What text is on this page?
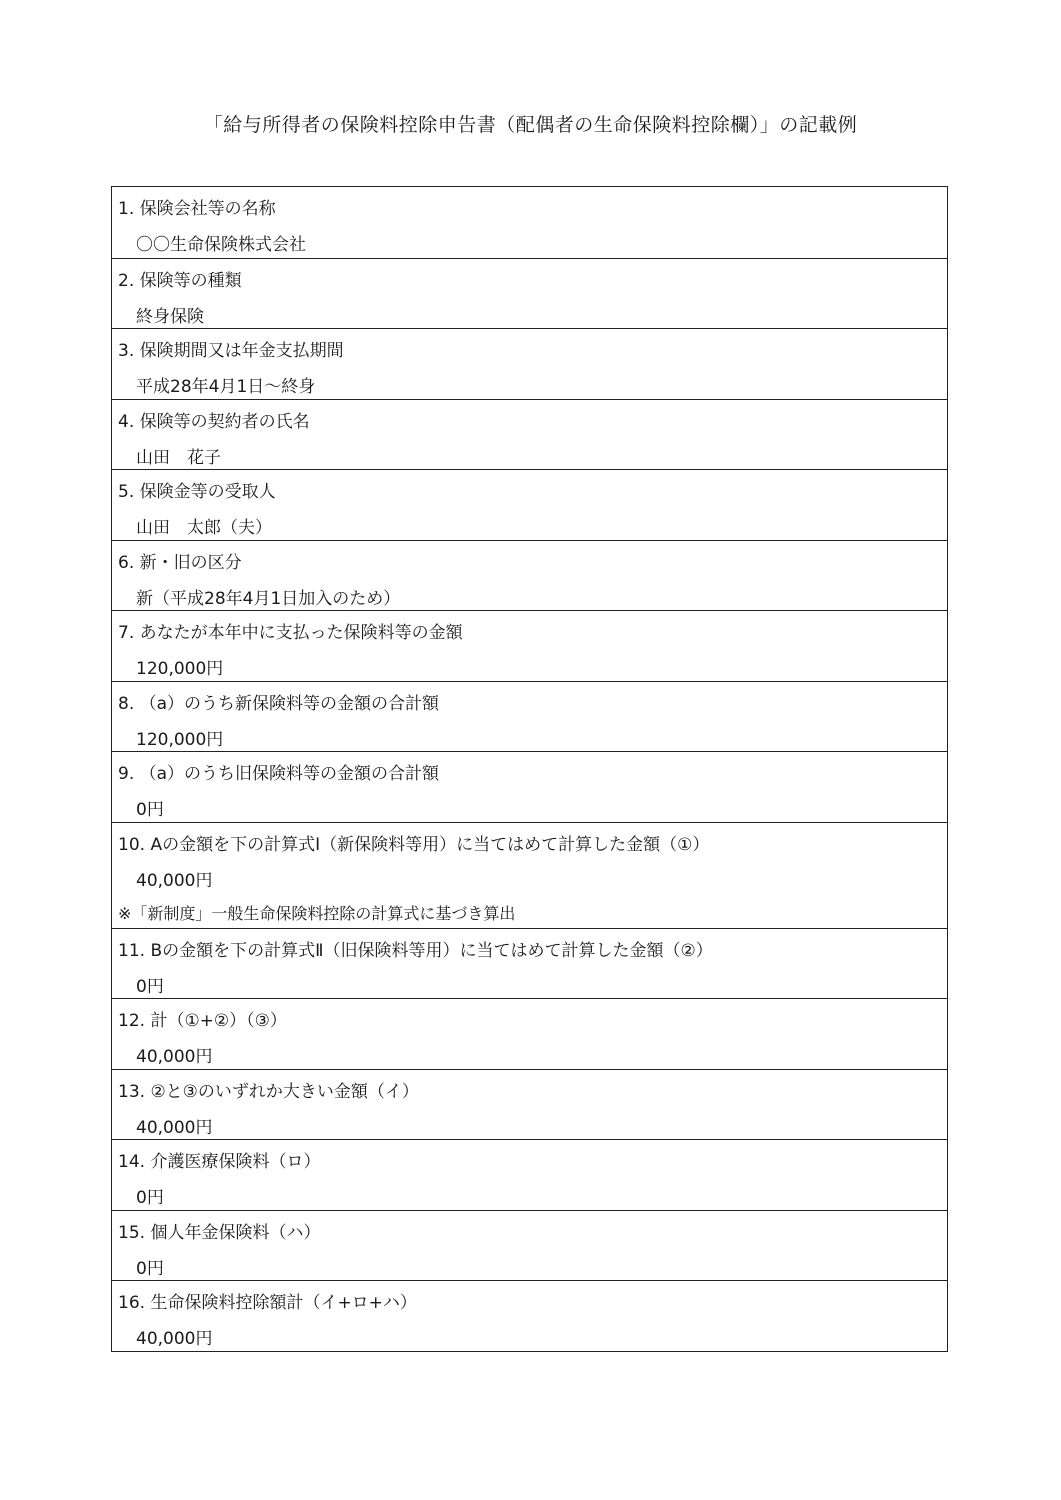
「給与所得者の保険料控除申告書（配偶者の生命保険料控除欄）」の記載例
1. 保険会社等の名称
〇〇生命保険株式会社
2. 保険等の種類
終身保険
3. 保険期間又は年金支払期間
平成28年4月1日～終身
4. 保険等の契約者の氏名
山田　花子
5. 保険金等の受取人
山田　太郎（夫）
6. 新・旧の区分
新（平成28年4月1日加入のため）
7. あなたが本年中に支払った保険料等の金額
120,000円
8. （a）のうち新保険料等の金額の合計額
120,000円
9. （a）のうち旧保険料等の金額の合計額
0円
10. Aの金額を下の計算式Ⅰ（新保険料等用）に当てはめて計算した金額（①）
40,000円
※「新制度」一般生命保険料控除の計算式に基づき算出
11. Bの金額を下の計算式Ⅱ（旧保険料等用）に当てはめて計算した金額（②）
0円
12. 計（①+②）（③）
40,000円
13. ②と③のいずれか大きい金額（イ）
40,000円
14. 介護医療保険料（ロ）
0円
15. 個人年金保険料（ハ）
0円
16. 生命保険料控除額計（イ+ロ+ハ）
40,000円
